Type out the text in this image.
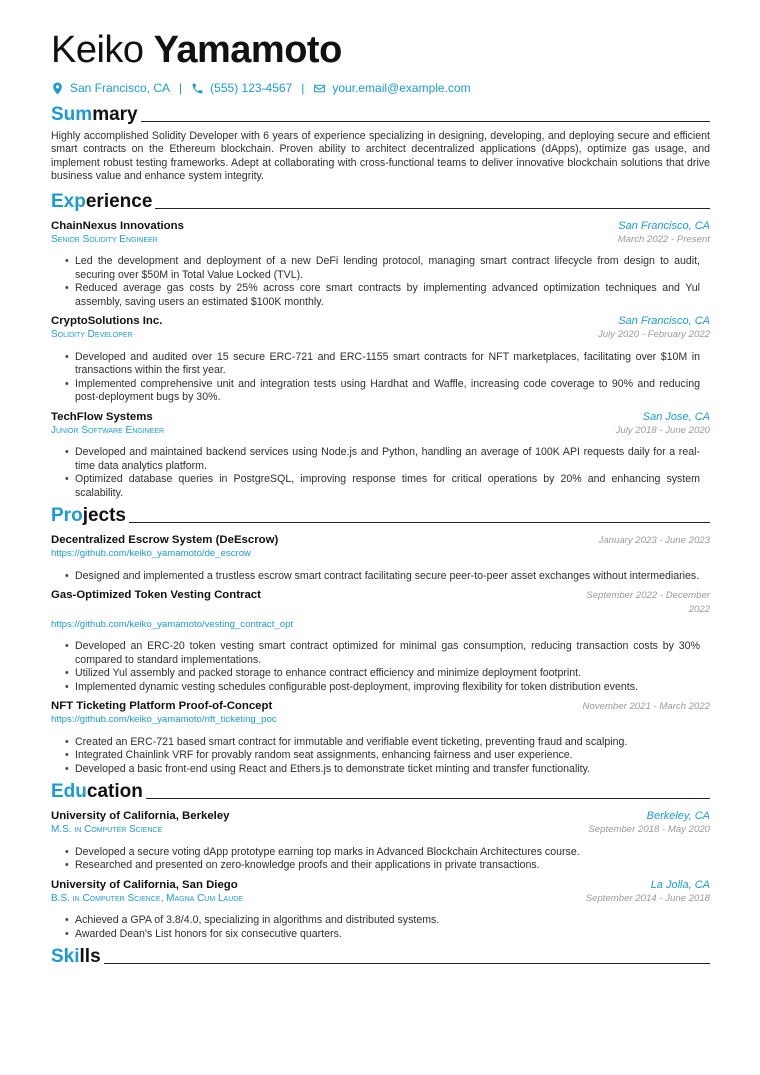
Keiko Yamamoto
San Francisco, CA | (555) 123-4567 | your.email@example.com
Summary
Highly accomplished Solidity Developer with 6 years of experience specializing in designing, developing, and deploying secure and efficient smart contracts on the Ethereum blockchain. Proven ability to architect decentralized applications (dApps), optimize gas usage, and implement robust testing frameworks. Adept at collaborating with cross-functional teams to deliver innovative blockchain solutions that drive business value and enhance system integrity.
Experience
ChainNexus Innovations	San Francisco, CA
Senior Solidity Engineer	March 2022 - Present
• Led the development and deployment of a new DeFi lending protocol, managing smart contract lifecycle from design to audit, securing over $50M in Total Value Locked (TVL).
• Reduced average gas costs by 25% across core smart contracts by implementing advanced optimization techniques and Yul assembly, saving users an estimated $100K monthly.
CryptoSolutions Inc.	San Francisco, CA
Solidity Developer	July 2020 - February 2022
• Developed and audited over 15 secure ERC-721 and ERC-1155 smart contracts for NFT marketplaces, facilitating over $10M in transactions within the first year.
• Implemented comprehensive unit and integration tests using Hardhat and Waffle, increasing code coverage to 90% and reducing post-deployment bugs by 30%.
TechFlow Systems	San Jose, CA
Junior Software Engineer	July 2018 - June 2020
• Developed and maintained backend services using Node.js and Python, handling an average of 100K API requests daily for a real-time data analytics platform.
• Optimized database queries in PostgreSQL, improving response times for critical operations by 20% and enhancing system scalability.
Projects
Decentralized Escrow System (DeEscrow)	January 2023 - June 2023
https://github.com/keiko_yamamoto/de_escrow
• Designed and implemented a trustless escrow smart contract facilitating secure peer-to-peer asset exchanges without intermediaries.
Gas-Optimized Token Vesting Contract	September 2022 - December 2022
https://github.com/keiko_yamamoto/vesting_contract_opt
• Developed an ERC-20 token vesting smart contract optimized for minimal gas consumption, reducing transaction costs by 30% compared to standard implementations.
• Utilized Yul assembly and packed storage to enhance contract efficiency and minimize deployment footprint.
• Implemented dynamic vesting schedules configurable post-deployment, improving flexibility for token distribution events.
NFT Ticketing Platform Proof-of-Concept	November 2021 - March 2022
https://github.com/keiko_yamamoto/nft_ticketing_poc
• Created an ERC-721 based smart contract for immutable and verifiable event ticketing, preventing fraud and scalping.
• Integrated Chainlink VRF for provably random seat assignments, enhancing fairness and user experience.
• Developed a basic front-end using React and Ethers.js to demonstrate ticket minting and transfer functionality.
Education
University of California, Berkeley	Berkeley, CA
M.S. in Computer Science	September 2018 - May 2020
• Developed a secure voting dApp prototype earning top marks in Advanced Blockchain Architectures course.
• Researched and presented on zero-knowledge proofs and their applications in private transactions.
University of California, San Diego	La Jolla, CA
B.S. in Computer Science, Magna Cum Laude	September 2014 - June 2018
• Achieved a GPA of 3.8/4.0, specializing in algorithms and distributed systems.
• Awarded Dean's List honors for six consecutive quarters.
Skills
